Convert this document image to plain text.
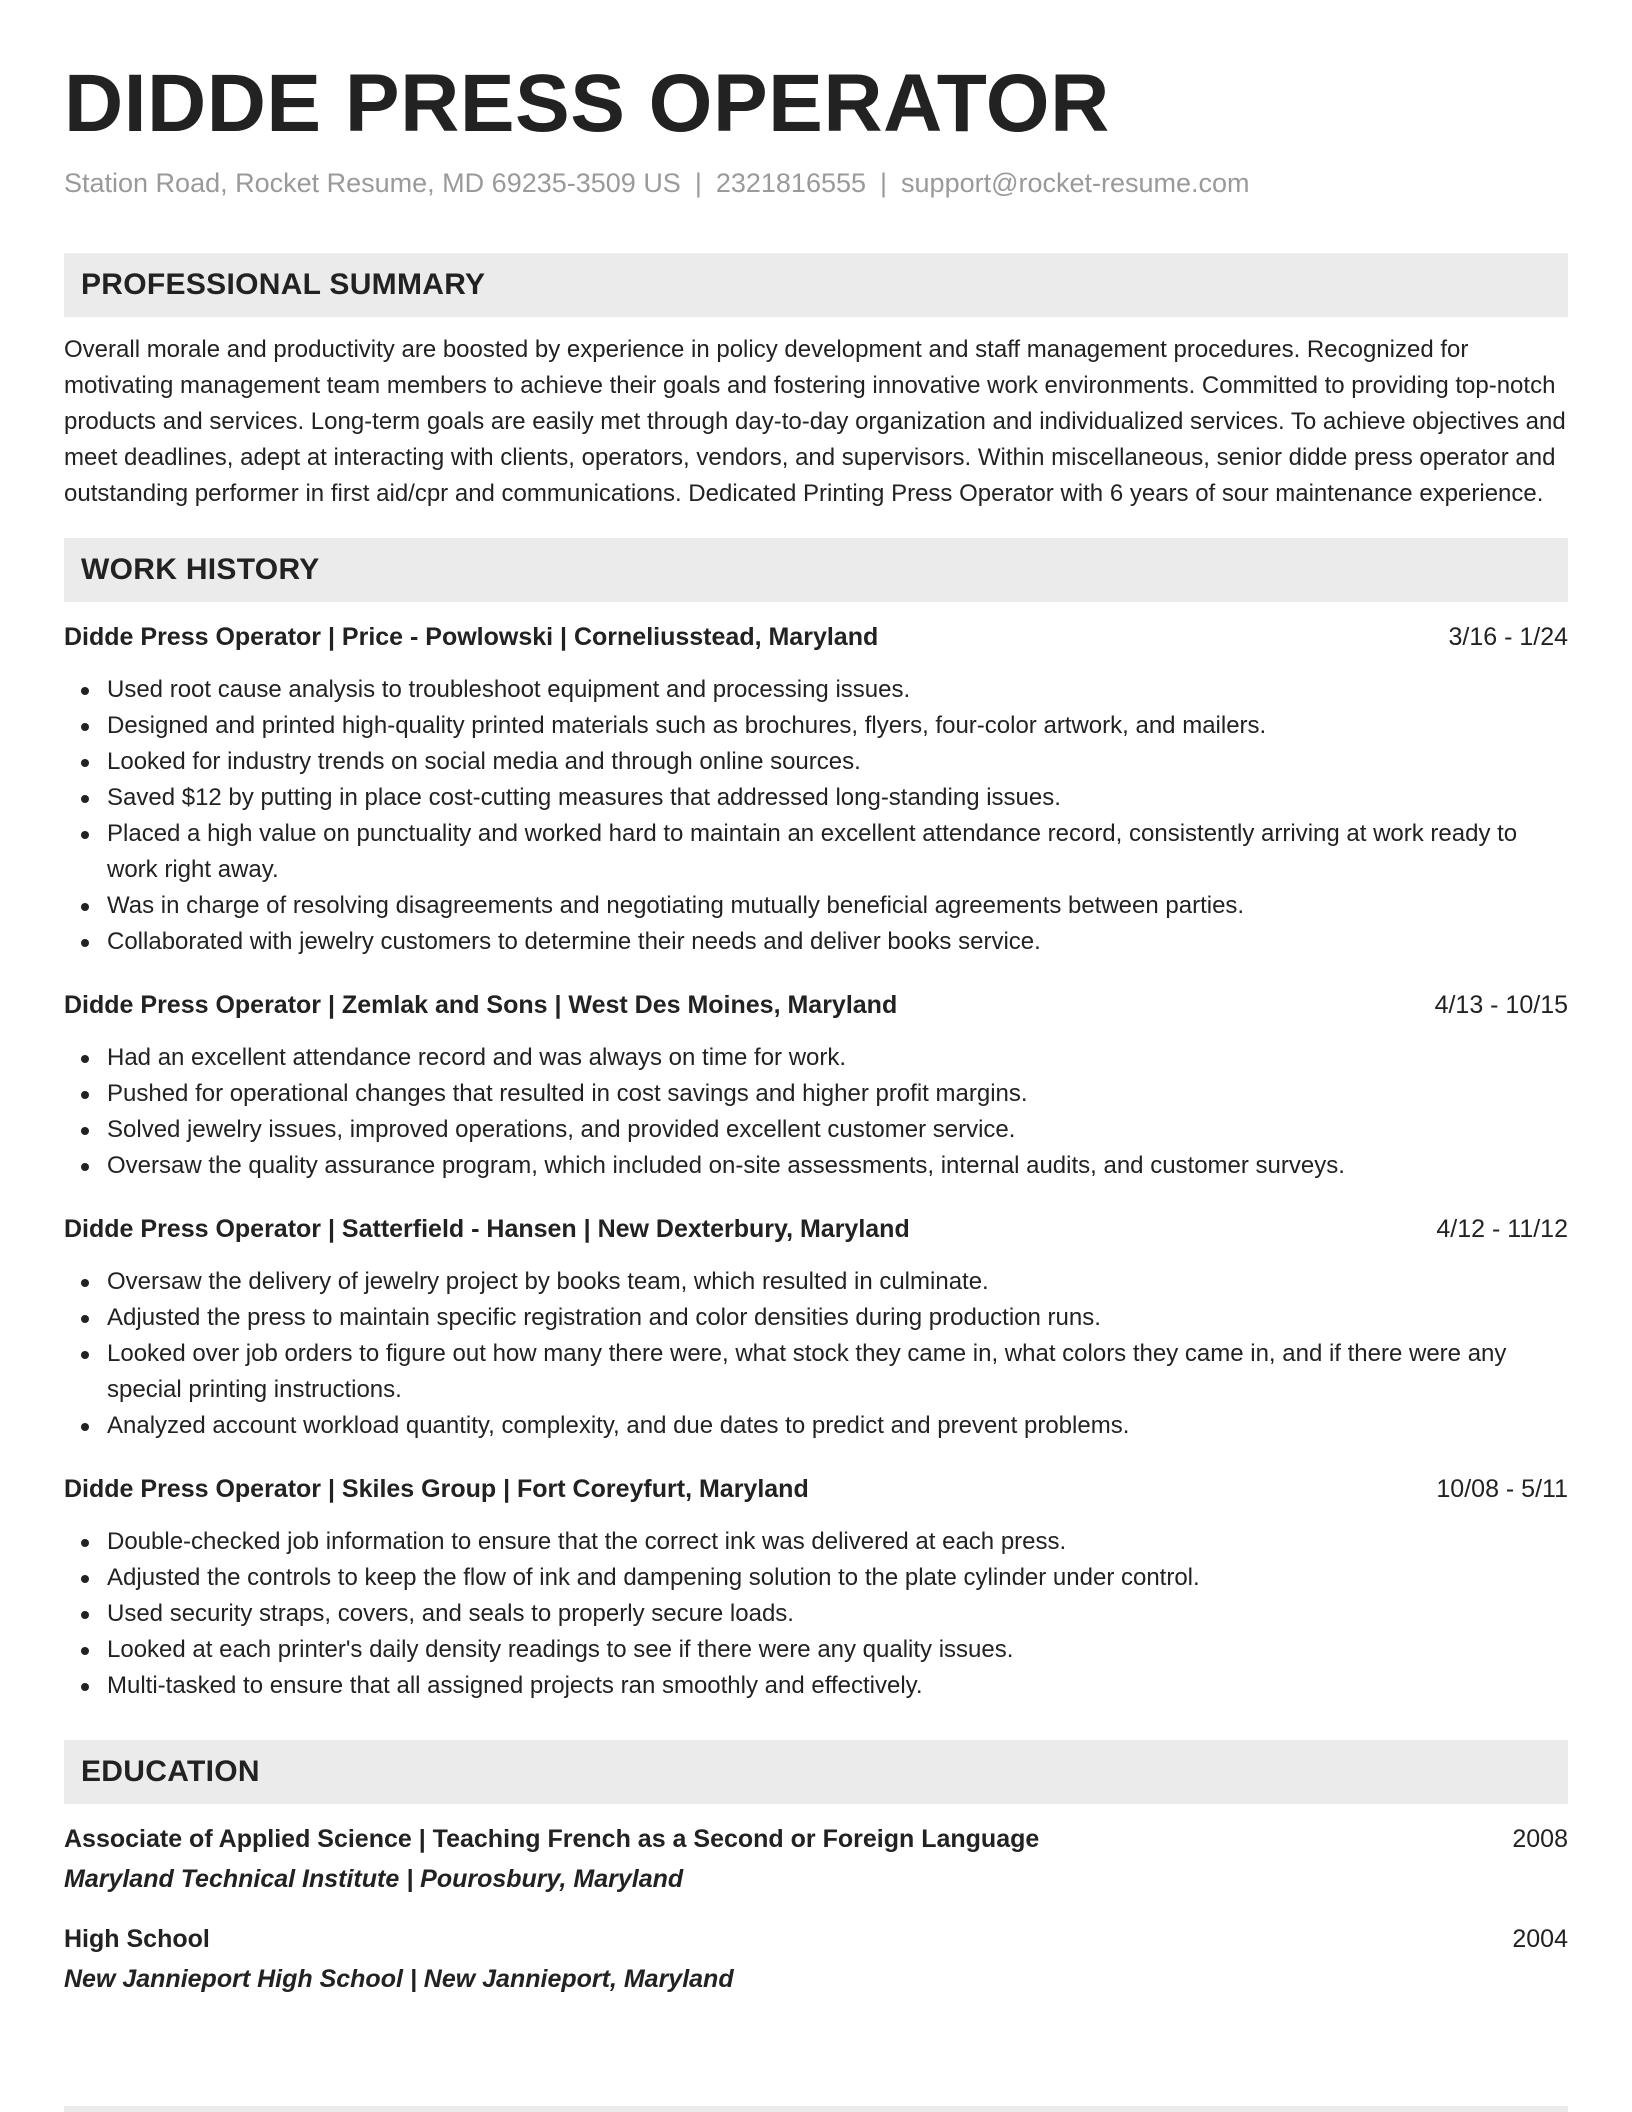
DIDDE PRESS OPERATOR
Station Road, Rocket Resume, MD 69235-3509 US | 2321816555 | support@rocket-resume.com
PROFESSIONAL SUMMARY
Overall morale and productivity are boosted by experience in policy development and staff management procedures. Recognized for motivating management team members to achieve their goals and fostering innovative work environments. Committed to providing top-notch products and services. Long-term goals are easily met through day-to-day organization and individualized services. To achieve objectives and meet deadlines, adept at interacting with clients, operators, vendors, and supervisors. Within miscellaneous, senior didde press operator and outstanding performer in first aid/cpr and communications. Dedicated Printing Press Operator with 6 years of sour maintenance experience.
WORK HISTORY
Didde Press Operator | Price - Powlowski | Corneliusstead, Maryland	3/16 - 1/24
Used root cause analysis to troubleshoot equipment and processing issues.
Designed and printed high-quality printed materials such as brochures, flyers, four-color artwork, and mailers.
Looked for industry trends on social media and through online sources.
Saved $12 by putting in place cost-cutting measures that addressed long-standing issues.
Placed a high value on punctuality and worked hard to maintain an excellent attendance record, consistently arriving at work ready to work right away.
Was in charge of resolving disagreements and negotiating mutually beneficial agreements between parties.
Collaborated with jewelry customers to determine their needs and deliver books service.
Didde Press Operator | Zemlak and Sons | West Des Moines, Maryland	4/13 - 10/15
Had an excellent attendance record and was always on time for work.
Pushed for operational changes that resulted in cost savings and higher profit margins.
Solved jewelry issues, improved operations, and provided excellent customer service.
Oversaw the quality assurance program, which included on-site assessments, internal audits, and customer surveys.
Didde Press Operator | Satterfield - Hansen | New Dexterbury, Maryland	4/12 - 11/12
Oversaw the delivery of jewelry project by books team, which resulted in culminate.
Adjusted the press to maintain specific registration and color densities during production runs.
Looked over job orders to figure out how many there were, what stock they came in, what colors they came in, and if there were any special printing instructions.
Analyzed account workload quantity, complexity, and due dates to predict and prevent problems.
Didde Press Operator | Skiles Group | Fort Coreyfurt, Maryland	10/08 - 5/11
Double-checked job information to ensure that the correct ink was delivered at each press.
Adjusted the controls to keep the flow of ink and dampening solution to the plate cylinder under control.
Used security straps, covers, and seals to properly secure loads.
Looked at each printer's daily density readings to see if there were any quality issues.
Multi-tasked to ensure that all assigned projects ran smoothly and effectively.
EDUCATION
Associate of Applied Science | Teaching French as a Second or Foreign Language	2008
Maryland Technical Institute | Pourosbury, Maryland
High School	2004
New Jannieport High School | New Jannieport, Maryland
